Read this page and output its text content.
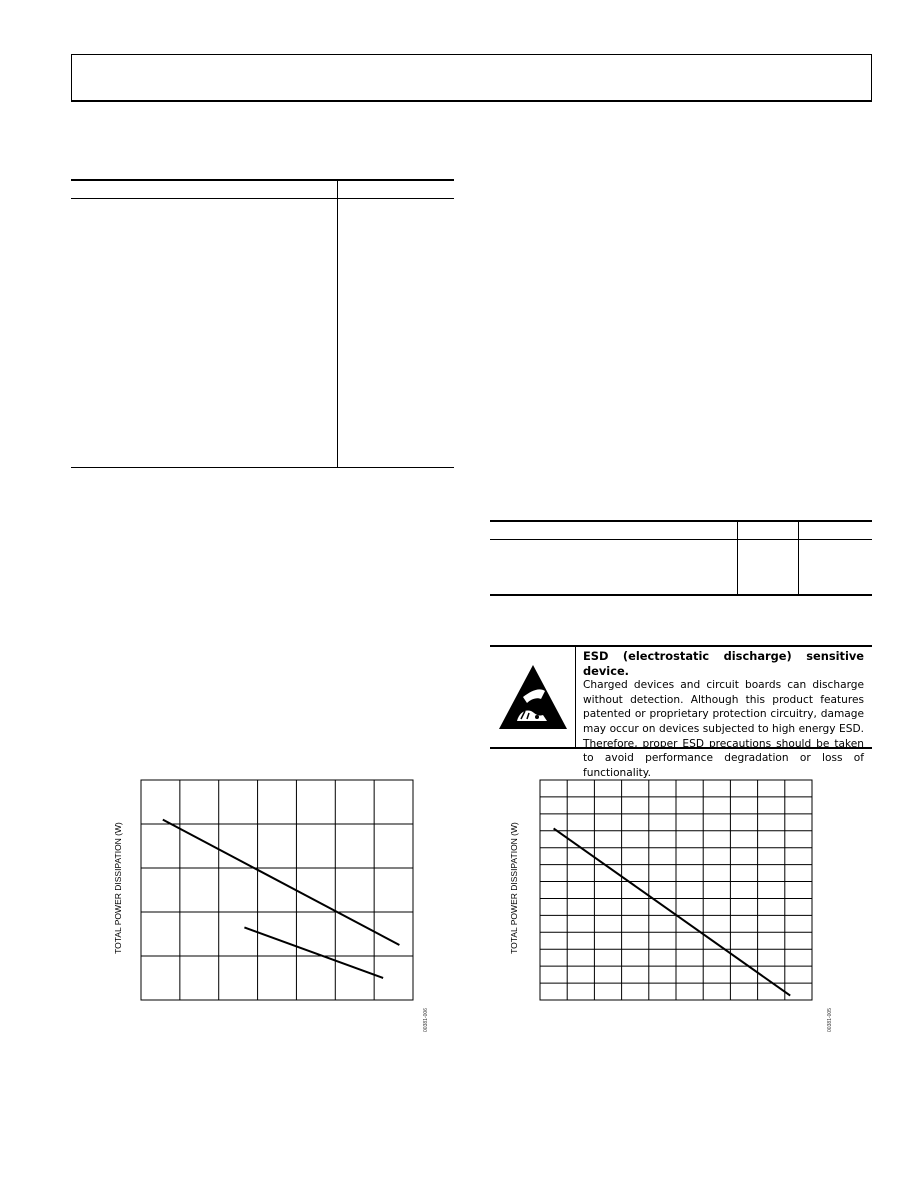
ESD (electrostatic discharge) sensitive device.
Charged devices and circuit boards can discharge without detection. Although this product features patented or proprietary protection circuitry, damage may occur on devices subjected to high energy ESD. Therefore, proper ESD precautions should be taken to avoid performance degradation or loss of functionality.
TOTAL POWER DISSIPATION (W)
00381-006
TOTAL POWER DISSIPATION (W)
00381-005
